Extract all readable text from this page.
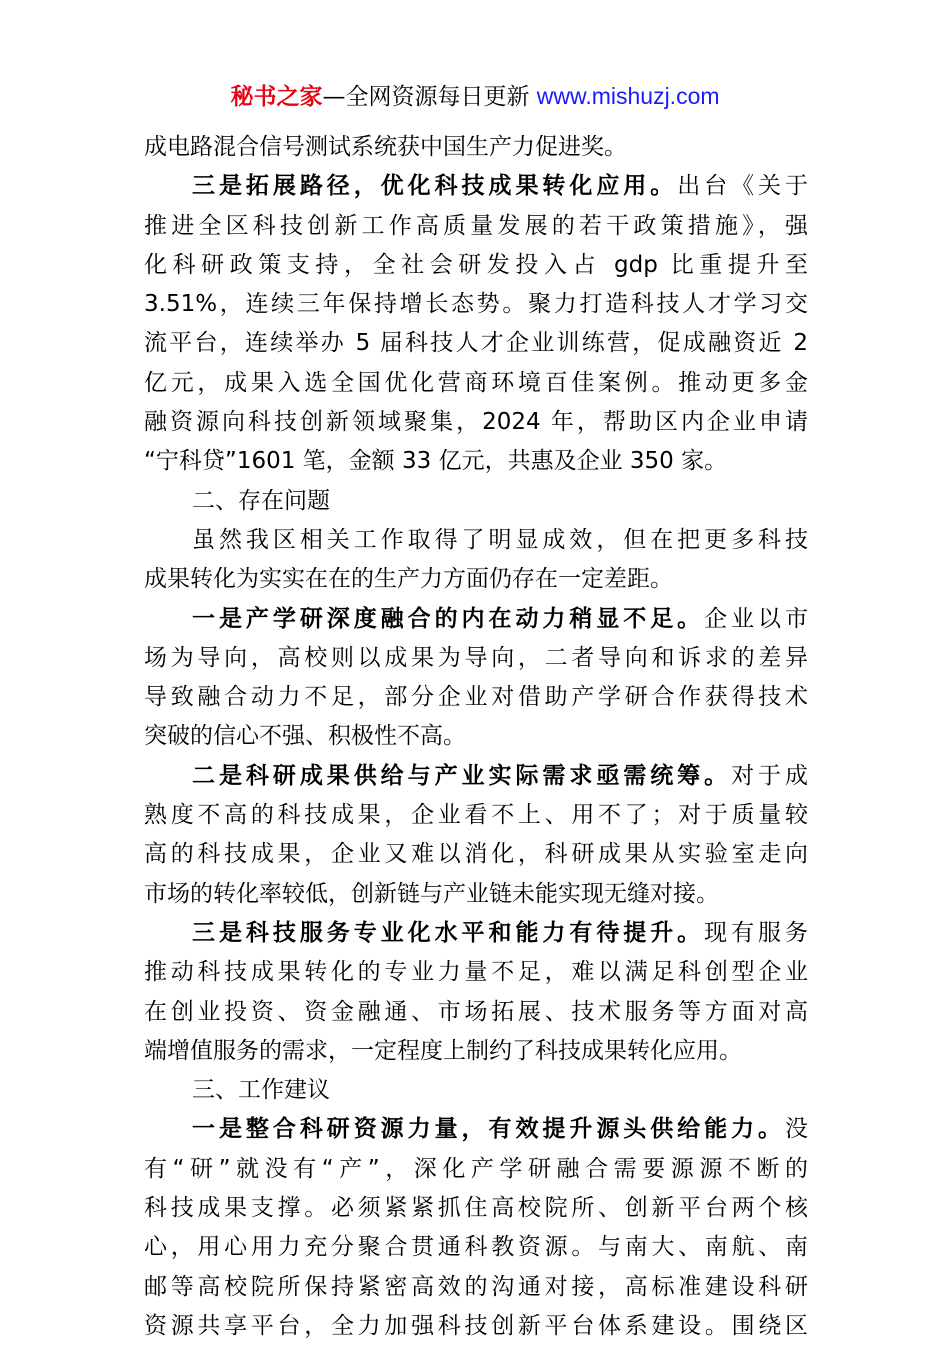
秘书之家—全网资源每日更新 www.mishuzj.com
成电路混合信号测试系统获中国生产力促进奖。
三是拓展路径，优化科技成果转化应用。出台《关于
推进全区科技创新工作高质量发展的若干政策措施》，强
化科研政策支持，全社会研发投入占 gdp 比重提升至
3.51%，连续三年保持增长态势。聚力打造科技人才学习交
流平台，连续举办 5 届科技人才企业训练营，促成融资近 2
亿元，成果入选全国优化营商环境百佳案例。推动更多金
融资源向科技创新领域聚集，2024 年，帮助区内企业申请
“宁科贷”1601 笔，金额 33 亿元，共惠及企业 350 家。
二、存在问题
虽然我区相关工作取得了明显成效，但在把更多科技
成果转化为实实在在的生产力方面仍存在一定差距。
一是产学研深度融合的内在动力稍显不足。企业以市
场为导向，高校则以成果为导向，二者导向和诉求的差异
导致融合动力不足，部分企业对借助产学研合作获得技术
突破的信心不强、积极性不高。
二是科研成果供给与产业实际需求亟需统筹。对于成
熟度不高的科技成果，企业看不上、用不了；对于质量较
高的科技成果，企业又难以消化，科研成果从实验室走向
市场的转化率较低，创新链与产业链未能实现无缝对接。
三是科技服务专业化水平和能力有待提升。现有服务
推动科技成果转化的专业力量不足，难以满足科创型企业
在创业投资、资金融通、市场拓展、技术服务等方面对高
端增值服务的需求，一定程度上制约了科技成果转化应用。
三、工作建议
一是整合科研资源力量，有效提升源头供给能力。没
有“研”就没有“产”，深化产学研融合需要源源不断的
科技成果支撑。必须紧紧抓住高校院所、创新平台两个核
心，用心用力充分聚合贯通科教资源。与南大、南航、南
邮等高校院所保持紧密高效的沟通对接，高标准建设科研
资源共享平台，全力加强科技创新平台体系建设。围绕区
